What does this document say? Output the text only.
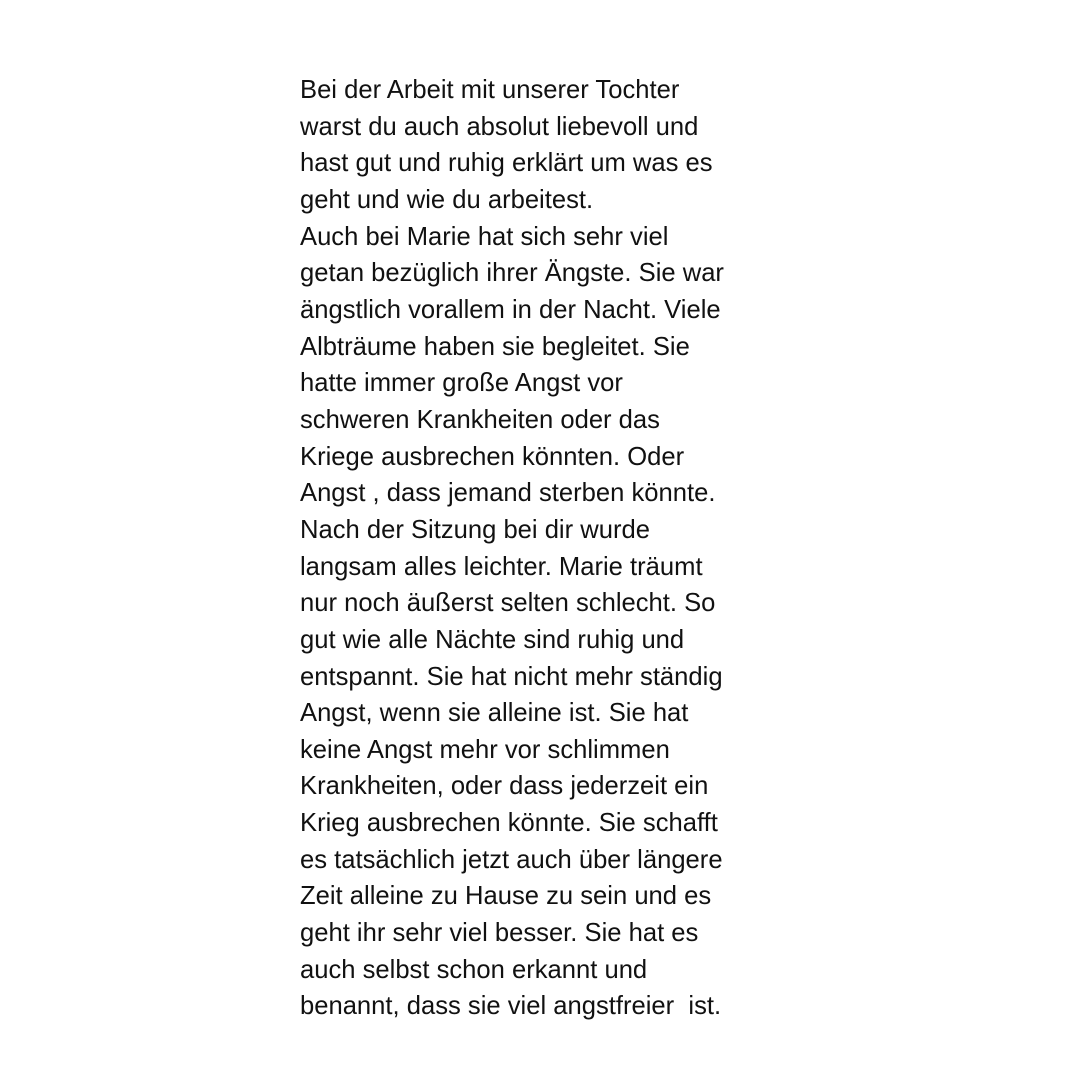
Bei der Arbeit mit unserer Tochter
warst du auch absolut liebevoll und
hast gut und ruhig erklärt um was es
geht und wie du arbeitest.
Auch bei Marie hat sich sehr viel
getan bezüglich ihrer Ängste. Sie war
ängstlich vorallem in der Nacht. Viele
Albträume haben sie begleitet. Sie
hatte immer große Angst vor
schweren Krankheiten oder das
Kriege ausbrechen könnten. Oder
Angst , dass jemand sterben könnte.
Nach der Sitzung bei dir wurde
langsam alles leichter. Marie träumt
nur noch äußerst selten schlecht. So
gut wie alle Nächte sind ruhig und
entspannt. Sie hat nicht mehr ständig
Angst, wenn sie alleine ist. Sie hat
keine Angst mehr vor schlimmen
Krankheiten, oder dass jederzeit ein
Krieg ausbrechen könnte. Sie schafft
es tatsächlich jetzt auch über längere
Zeit alleine zu Hause zu sein und es
geht ihr sehr viel besser. Sie hat es
auch selbst schon erkannt und
benannt, dass sie viel angstfreier  ist.
